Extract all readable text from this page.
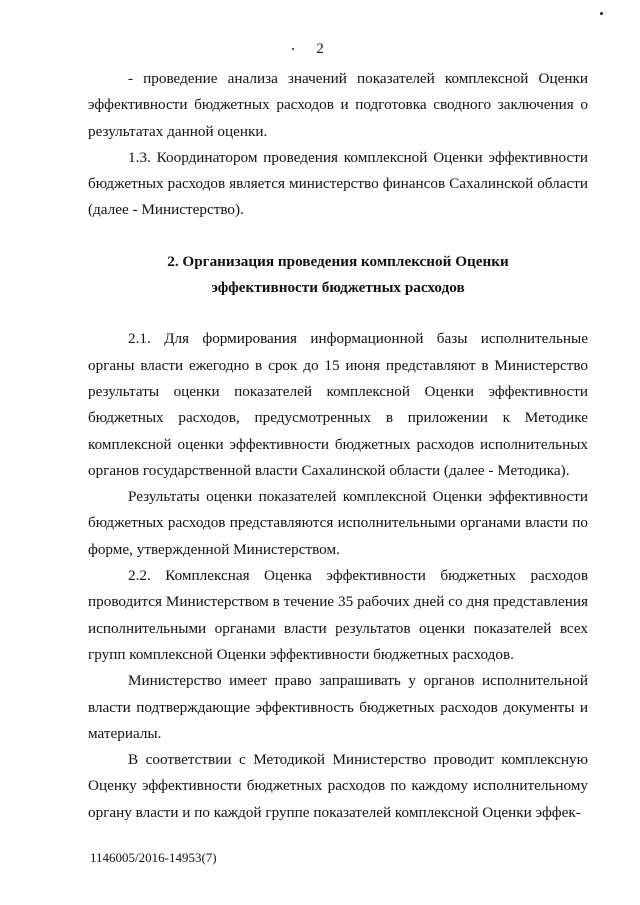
2

- проведение анализа значений показателей комплексной Оценки эффективности бюджетных расходов и подготовка сводного заключения о результатах данной оценки.

1.3. Координатором проведения комплексной Оценки эффективности бюджетных расходов является министерство финансов Сахалинской области (далее - Министерство).

2. Организация проведения комплексной Оценки

эффективности бюджетных расходов

2.1. Для формирования информационной базы исполнительные органы власти ежегодно в срок до 15 июня представляют в Министерство результаты оценки показателей комплексной Оценки эффективности бюджетных расходов, предусмотренных в приложении к Методике комплексной оценки эффективности бюджетных расходов исполнительных органов государственной власти Сахалинской области (далее - Методика).

Результаты оценки показателей комплексной Оценки эффективности бюджетных расходов представляются исполнительными органами власти по форме, утвержденной Министерством.

2.2. Комплексная Оценка эффективности бюджетных расходов проводится Министерством в течение 35 рабочих дней со дня представления исполнительными органами власти результатов оценки показателей всех групп комплексной Оценки эффективности бюджетных расходов.

Министерство имеет право запрашивать у органов исполнительной власти подтверждающие эффективность бюджетных расходов документы и материалы.

В соответствии с Методикой Министерство проводит комплексную Оценку эффективности бюджетных расходов по каждому исполнительному органу власти и по каждой группе показателей комплексной Оценки эффек-

1146005/2016-14953(7)
